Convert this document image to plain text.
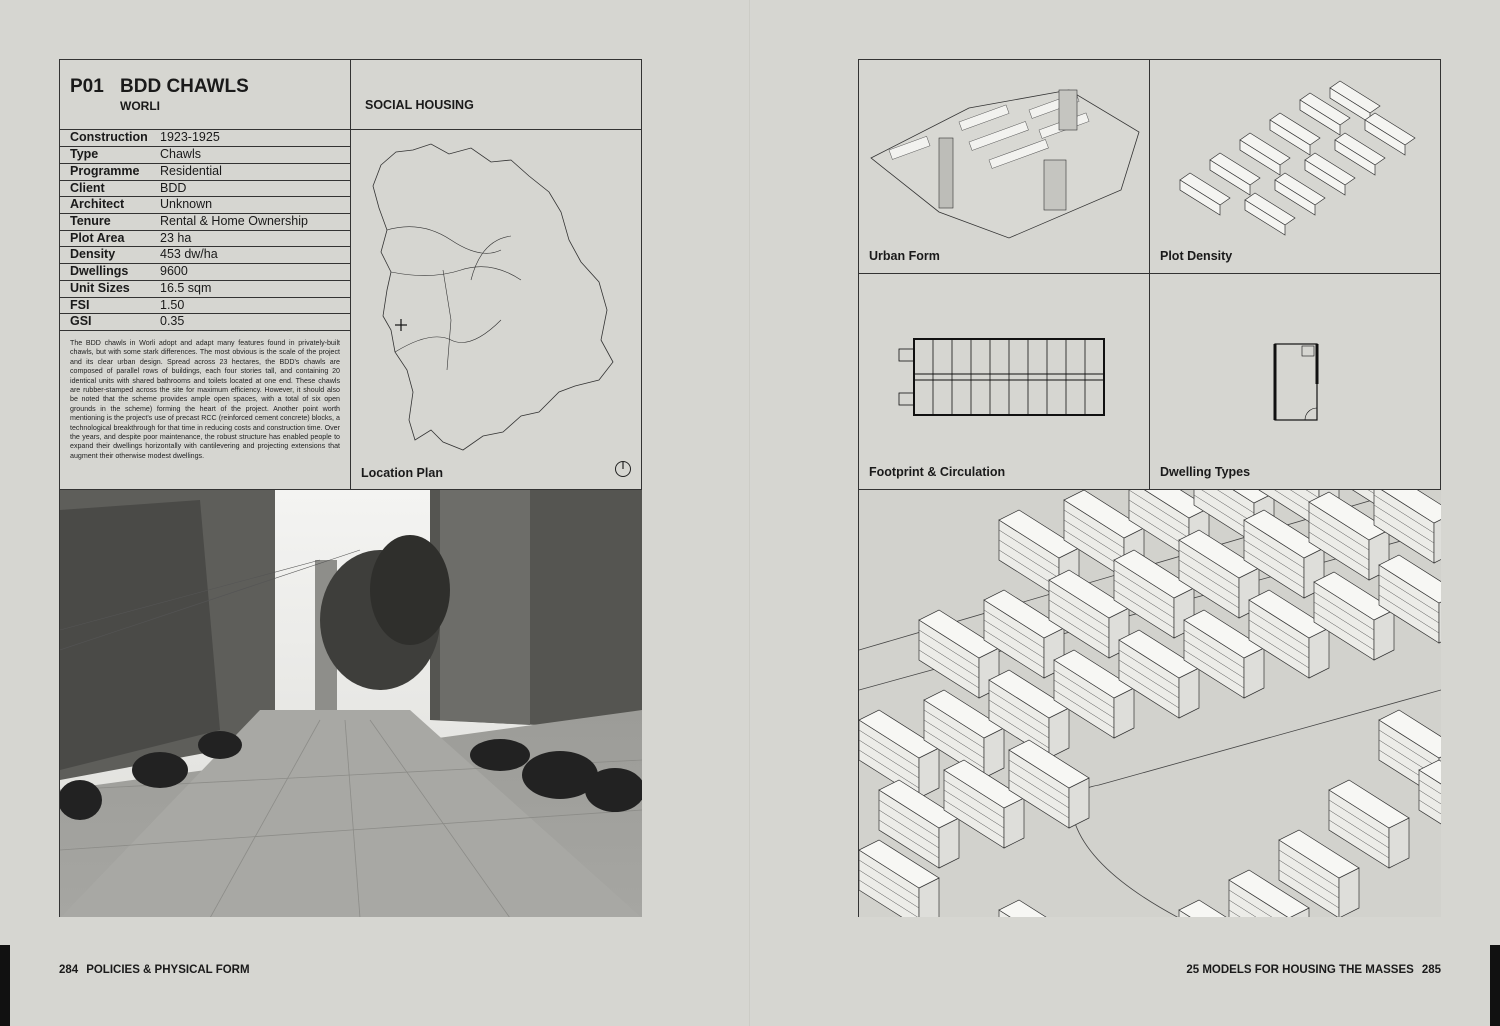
P01 BDD CHAWLS
WORLI
Construction	1923-1925
Type	Chawls
Programme	Residential
Client	BDD
Architect	Unknown
Tenure	Rental & Home Ownership
Plot Area	23 ha
Density	453 dw/ha
Dwellings	9600
Unit Sizes	16.5 sqm
FSI	1.50
GSI	0.35

The BDD chawls in Worli adopt and adapt many features found in privately-built chawls, but with some stark differences. The most obvious is the scale of the project and its clear urban design. Spread across 23 hectares, the BDD's chawls are composed of parallel rows of buildings, each four stories tall, and containing 20 identical units with shared bathrooms and toilets located at one end. These chawls are rubber-stamped across the site for maximum efficiency. However, it should also be noted that the scheme provides ample open spaces, with a total of six open grounds in the scheme) forming the heart of the project. Another point worth mentioning is the project's use of precast RCC (reinforced cement concrete) blocks, a technological breakthrough for that time in reducing costs and construction time. Over the years, and despite poor maintenance, the robust structure has enabled people to expand their dwellings horizontally with cantilevering and projecting extensions that augment their otherwise modest dwellings.

SOCIAL HOUSING
Location Plan
Urban Form	Plot Density
Footprint & Circulation	Dwelling Types
284 POLICIES & PHYSICAL FORM	25 MODELS FOR HOUSING THE MASSES 285
